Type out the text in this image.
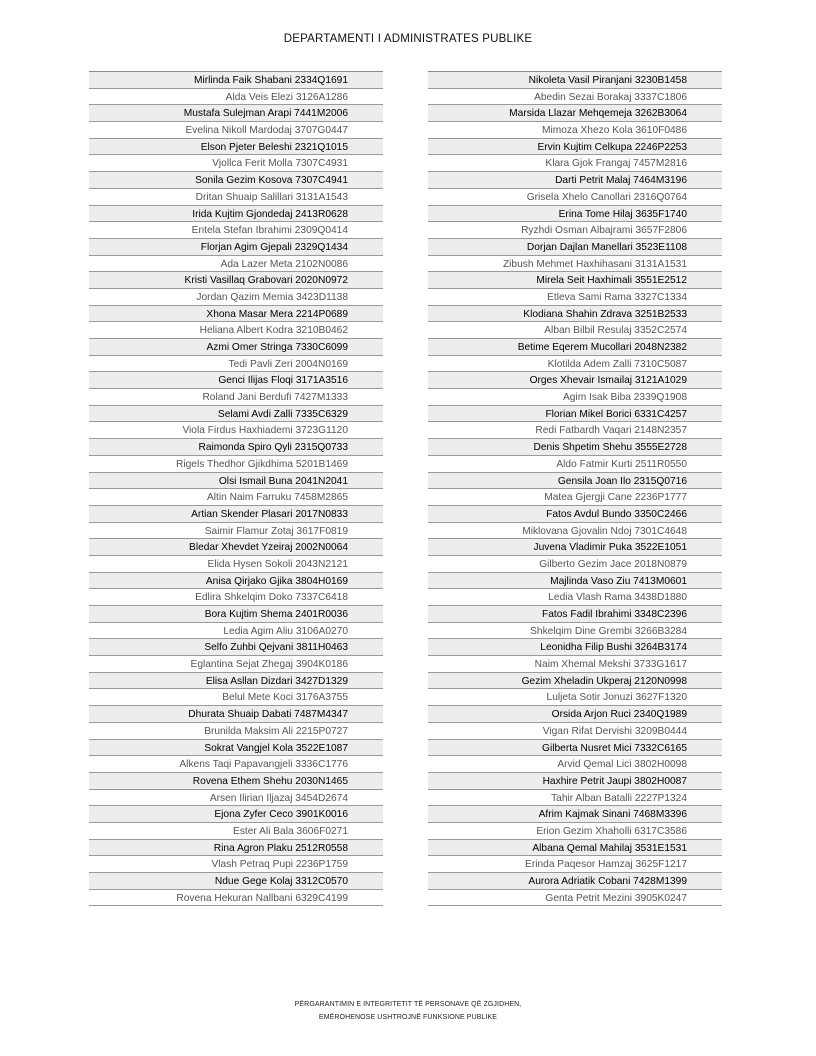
DEPARTAMENTI I ADMINISTRATES PUBLIKE
Mirlinda Faik Shabani 2334Q1691
Alda Veis Elezi 3126A1286
Mustafa Sulejman Arapi 7441M2006
Evelina Nikoll Mardodaj 3707G0447
Elson Pjeter Beleshi 2321Q1015
Vjollca Ferit Molla 7307C4931
Sonila Gezim Kosova 7307C4941
Dritan Shuaip Salillari 3131A1543
Irida Kujtim Gjondedaj 2413R0628
Entela Stefan Ibrahimi 2309Q0414
Florjan Agim Gjepali 2329Q1434
Ada Lazer Meta 2102N0086
Kristi Vasillaq Grabovari 2020N0972
Jordan Qazim Memia 3423D1138
Xhona Masar Mera 2214P0689
Heliana Albert Kodra 3210B0462
Azmi Omer Stringa 7330C6099
Tedi Pavli Zeri 2004N0169
Genci Ilijas Floqi 3171A3516
Roland Jani Berdufi 7427M1333
Selami Avdi Zalli 7335C6329
Viola Firdus Haxhiademi 3723G1120
Raimonda Spiro Qyli 2315Q0733
Rigels Thedhor Gjikdhima 5201B1469
Olsi Ismail Buna 2041N2041
Altin Naim Farruku 7458M2865
Artian Skender Plasari 2017N0833
Saimir Flamur Zotaj 3617F0819
Bledar Xhevdet Yzeiraj 2002N0064
Elida Hysen Sokoli 2043N2121
Anisa Qirjako Gjika 3804H0169
Edlira Shkelqim Doko 7337C6418
Bora Kujtim Shema 2401R0036
Ledia Agim Aliu 3106A0270
Selfo Zuhbi Qejvani 3811H0463
Eglantina Sejat Zhegaj 3904K0186
Elisa Asllan Dizdari 3427D1329
Belul Mete Koci 3176A3755
Dhurata Shuaip Dabati 7487M4347
Brunilda Maksim Ali 2215P0727
Sokrat Vangjel Kola 3522E1087
Alkens Taqi Papavangjeli 3336C1776
Rovena Ethem Shehu 2030N1465
Arsen Ilirian Iljazaj 3454D2674
Ejona Zyfer Ceco 3901K0016
Ester Ali Bala 3606F0271
Rina Agron Plaku 2512R0558
Vlash Petraq Pupi 2236P1759
Ndue Gege Kolaj 3312C0570
Rovena Hekuran Nallbani 6329C4199
Nikoleta Vasil Piranjani 3230B1458
Abedin Sezai Borakaj 3337C1806
Marsida Llazar Mehqemeja 3262B3064
Mimoza Xhezo Kola 3610F0486
Ervin Kujtim Celkupa 2246P2253
Klara Gjok Frangaj 7457M2816
Darti Petrit Malaj 7464M3196
Grisela Xhelo Canollari 2316Q0764
Erina Tome Hilaj 3635F1740
Ryzhdi Osman Albajrami 3657F2806
Dorjan Dajlan Manellari 3523E1108
Zibush Mehmet Haxhihasani 3131A1531
Mirela Seit Haxhimali 3551E2512
Etleva Sami Rama 3327C1334
Klodiana Shahin Zdrava 3251B2533
Alban Bilbil Resulaj 3352C2574
Betime Eqerem Mucollari 2048N2382
Klotilda Adem Zalli 7310C5087
Orges Xhevair Ismailaj 3121A1029
Agim Isak Biba 2339Q1908
Florian Mikel Borici 6331C4257
Redi Fatbardh Vaqari 2148N2357
Denis Shpetim Shehu 3555E2728
Aldo Fatmir Kurti 2511R0550
Gensila Joan Ilo 2315Q0716
Matea Gjergji Cane 2236P1777
Fatos Avdul Bundo 3350C2466
Miklovana Gjovalin Ndoj 7301C4648
Juvena Vladimir Puka 3522E1051
Gilberto Gezim Jace 2018N0879
Majlinda Vaso Ziu 7413M0601
Ledia Vlash Rama 3438D1880
Fatos Fadil Ibrahimi 3348C2396
Shkelqim Dine Grembi 3266B3284
Leonidha Filip Bushi 3264B3174
Naim Xhemal Mekshi 3733G1617
Gezim Xheladin Ukperaj 2120N0998
Luljeta Sotir Jonuzi 3627F1320
Orsida Arjon Ruci 2340Q1989
Vigan Rifat Dervishi 3209B0444
Gilberta Nusret Mici 7332C6165
Arvid Qemal Lici 3802H0098
Haxhire Petrit Jaupi 3802H0087
Tahir Alban Batalli 2227P1324
Afrim Kajmak Sinani 7468M3396
Erion Gezim Xhaholli 6317C3586
Albana Qemal Mahilaj 3531E1531
Erinda Paqesor Hamzaj 3625F1217
Aurora Adriatik Cobani 7428M1399
Genta Petrit Mezini 3905K0247
PËRGARANTIMIN E INTEGRITETIT TË PERSONAVE QË ZGJIDHEN,
EMËROHENOSE USHTROJNË FUNKSIONE PUBLIKE
